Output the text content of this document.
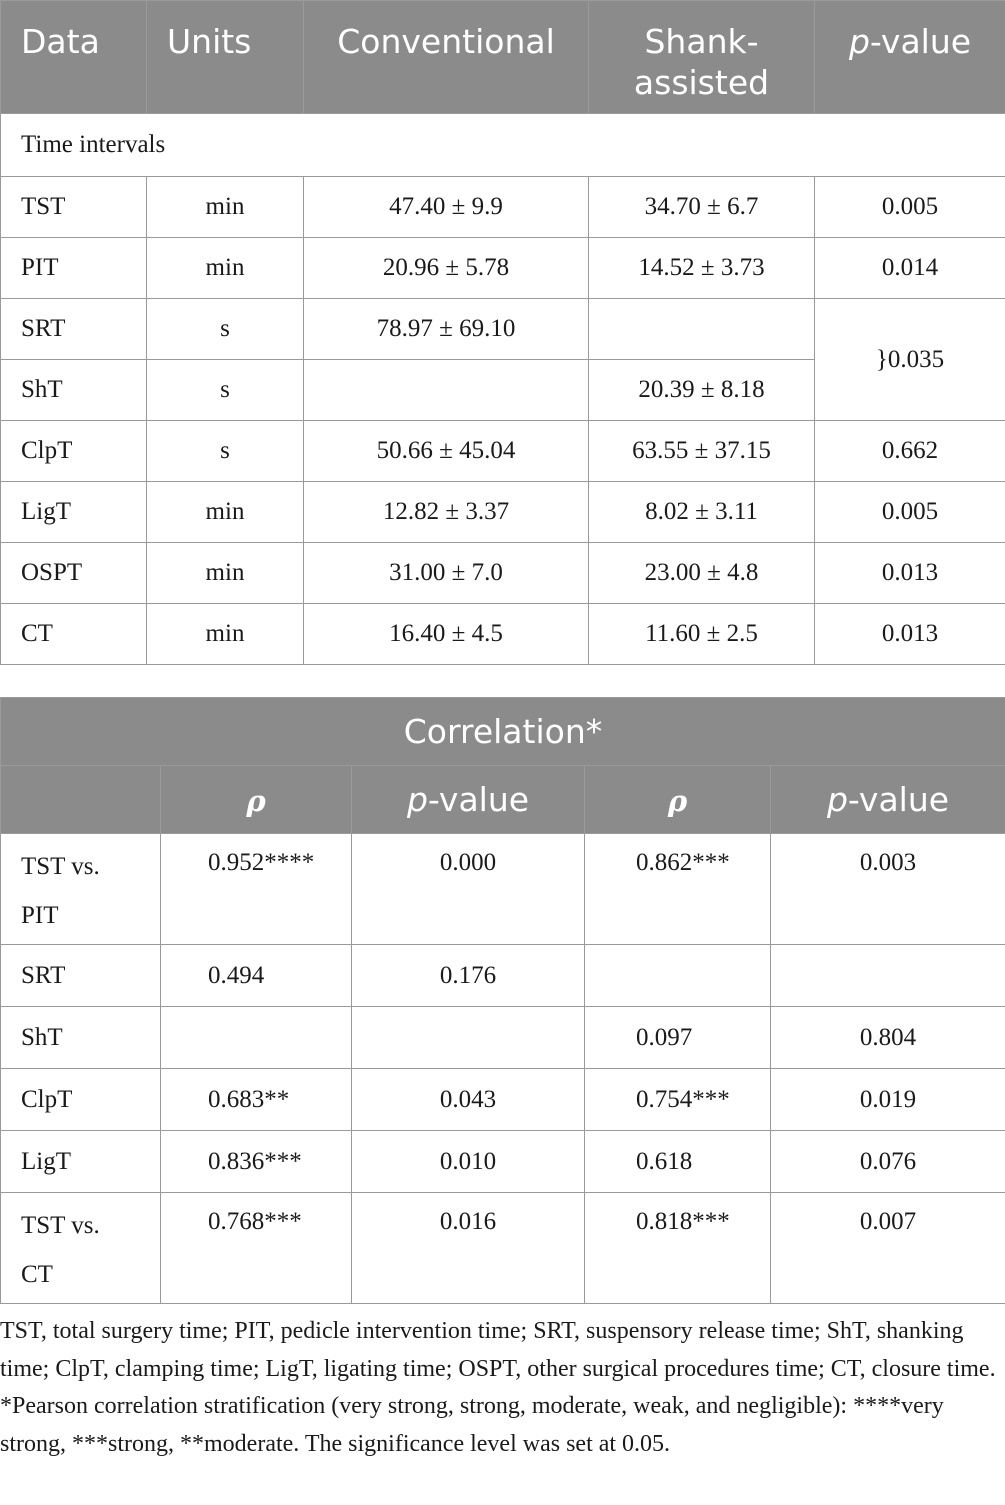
Data	Units	Conventional	Shank-assisted	p-value
Time intervals				
TST	min	47.40 ± 9.9	34.70 ± 6.7	0.005
PIT	min	20.96 ± 5.78	14.52 ± 3.73	0.014
SRT	s	78.97 ± 69.10		}0.035
ShT	s		20.39 ± 8.18	
ClpT	s	50.66 ± 45.04	63.55 ± 37.15	0.662
LigT	min	12.82 ± 3.37	8.02 ± 3.11	0.005
OSPT	min	31.00 ± 7.0	23.00 ± 4.8	0.013
CT	min	16.40 ± 4.5	11.60 ± 2.5	0.013
Correlation*				
	ρ	p-value	ρ	p-value
TST vs.
PIT	0.952****	0.000	0.862***	0.003
SRT	0.494	0.176		
ShT			0.097	0.804
ClpT	0.683**	0.043	0.754***	0.019
LigT	0.836***	0.010	0.618	0.076
TST vs.
CT	0.768***	0.016	0.818***	0.007

TST, total surgery time; PIT, pedicle intervention time; SRT, suspensory release time; ShT, shanking time; ClpT, clamping time; LigT, ligating time; OSPT, other surgical procedures time; CT, closure time. *Pearson correlation stratification (very strong, strong, moderate, weak, and negligible): ****very strong, ***strong, **moderate. The significance level was set at 0.05.
